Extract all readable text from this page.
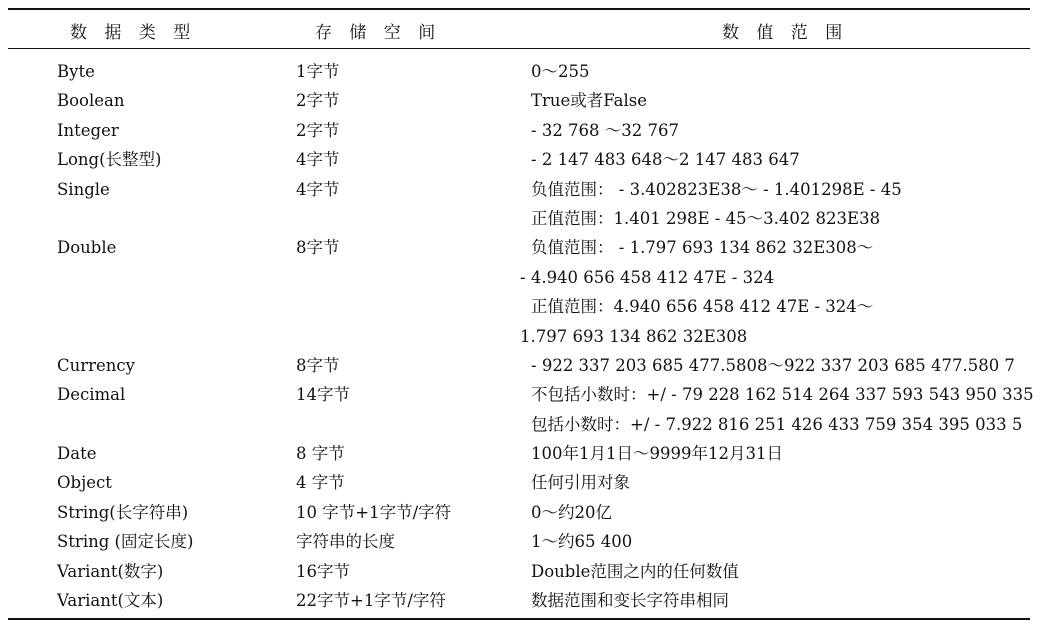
数 据 类 型	存 储 空 间	数 值 范 围
Byte	1字节	0～255
Boolean	2字节	True或者False
Integer	2字节	- 32 768 ～32 767
Long(长整型)	4字节	- 2 147 483 648～2 147 483 647
Single	4字节	负值范围： - 3.402823E38～ - 1.401298E - 45
正值范围：1.401 298E - 45～3.402 823E38
Double	8字节	负值范围： - 1.797 693 134 862 32E308～
- 4.940 656 458 412 47E - 324
正值范围：4.940 656 458 412 47E - 324～
1.797 693 134 862 32E308
Currency	8字节	- 922 337 203 685 477.5808～922 337 203 685 477.580 7
Decimal	14字节	不包括小数时：+/ - 79 228 162 514 264 337 593 543 950 335
包括小数时：+/ - 7.922 816 251 426 433 759 354 395 033 5
Date	8 字节	100年1月1日～9999年12月31日
Object	4 字节	任何引用对象
String(长字符串)	10 字节+1字节/字符	0～约20亿
String (固定长度)	字符串的长度	1～约65 400
Variant(数字)	16字节	Double范围之内的任何数值
Variant(文本)	22字节+1字节/字符	数据范围和变长字符串相同
